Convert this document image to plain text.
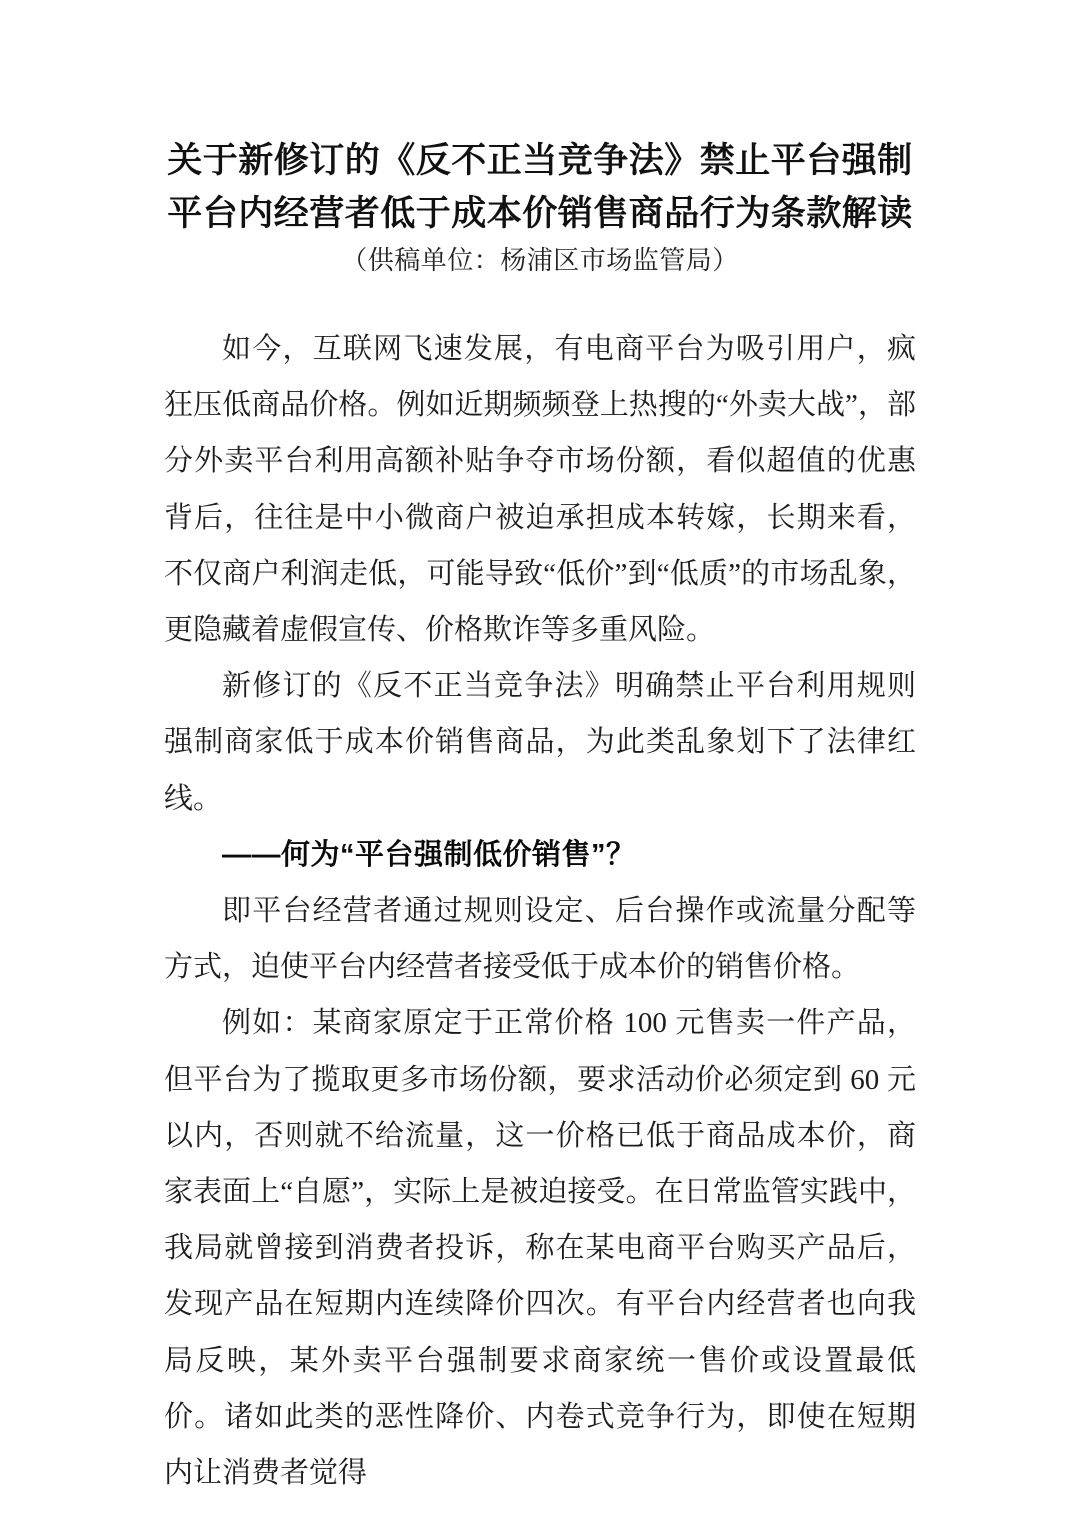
关于新修订的《反不正当竞争法》禁止平台强制
平台内经营者低于成本价销售商品行为条款解读
（供稿单位：杨浦区市场监管局）

如今，互联网飞速发展，有电商平台为吸引用户，疯狂压低商品价格。例如近期频频登上热搜的“外卖大战”，部分外卖平台利用高额补贴争夺市场份额，看似超值的优惠背后，往往是中小微商户被迫承担成本转嫁，长期来看，不仅商户利润走低，可能导致“低价”到“低质”的市场乱象，更隐藏着虚假宣传、价格欺诈等多重风险。

新修订的《反不正当竞争法》明确禁止平台利用规则强制商家低于成本价销售商品，为此类乱象划下了法律红线。

——何为“平台强制低价销售”？

即平台经营者通过规则设定、后台操作或流量分配等方式，迫使平台内经营者接受低于成本价的销售价格。

例如：某商家原定于正常价格 100 元售卖一件产品，但平台为了揽取更多市场份额，要求活动价必须定到 60 元以内，否则就不给流量，这一价格已低于商品成本价，商家表面上“自愿”，实际上是被迫接受。在日常监管实践中，我局就曾接到消费者投诉，称在某电商平台购买产品后，发现产品在短期内连续降价四次。有平台内经营者也向我局反映，某外卖平台强制要求商家统一售价或设置最低价。诸如此类的恶性降价、内卷式竞争行为，即使在短期内让消费者觉得
